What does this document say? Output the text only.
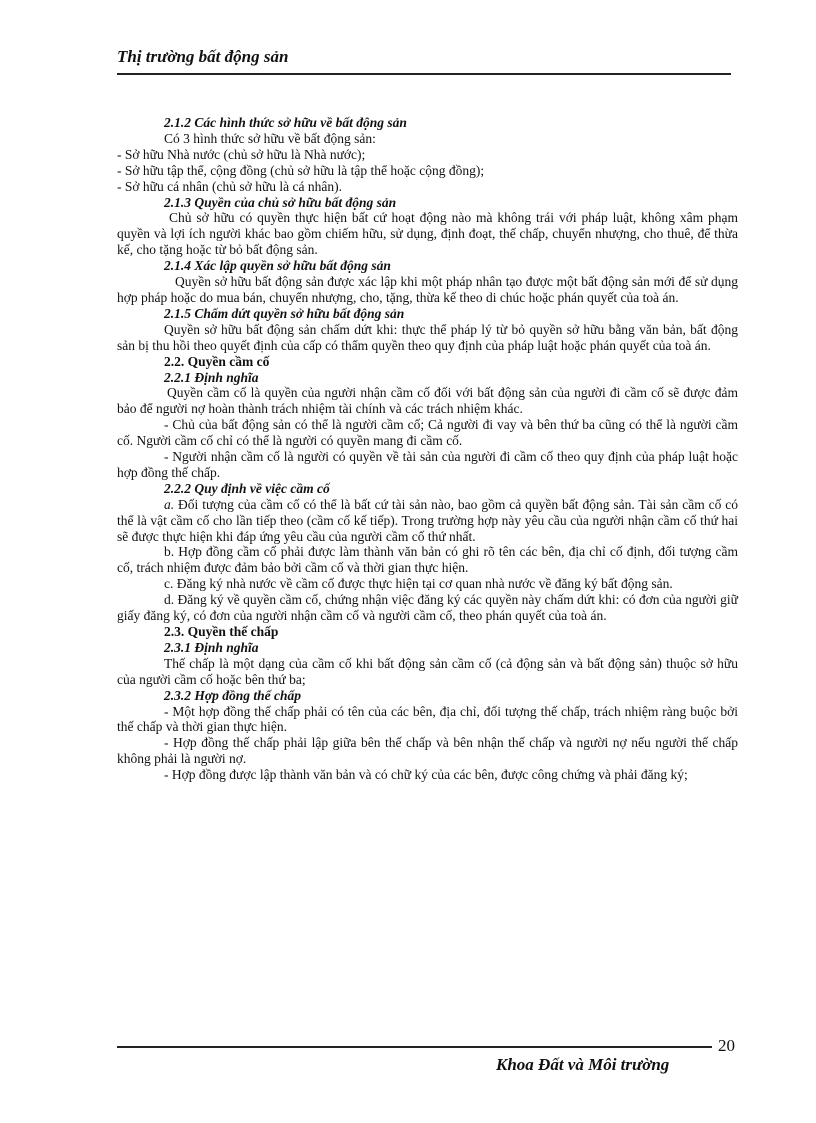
Thị trường bất động sản

2.1.2 Các hình thức sở hữu về bất động sản

Có 3 hình thức sở hữu về bất động sản:

- Sở hữu Nhà nước (chủ sở hữu là Nhà nước);

- Sở hữu tập thể, cộng đồng (chủ sở hữu là tập thể hoặc cộng đồng);

- Sở hữu cá nhân (chủ sở hữu là cá nhân).

2.1.3 Quyền của chủ sở hữu bất động sản

Chủ sở hữu có quyền thực hiện bất cứ hoạt động nào mà không trái với pháp luật, không xâm phạm quyền và lợi ích người khác bao gồm chiếm hữu, sử dụng, định đoạt, thế chấp, chuyển nhượng, cho thuê, để thừa kế, cho tặng hoặc từ bỏ bất động sản.

2.1.4 Xác lập quyền sở hữu bất động sản

Quyền sở hữu bất động sản được xác lập khi một pháp nhân tạo được một bất động sản mới để sử dụng hợp pháp hoặc do mua bán, chuyển nhượng, cho, tặng, thừa kế theo di chúc hoặc phán quyết của toà án.

2.1.5 Chấm dứt quyền sở hữu bất động sản

Quyền sở hữu bất động sản chấm dứt khi: thực thể pháp lý từ bỏ quyền sở hữu bằng văn bản, bất động sản bị thu hồi theo quyết định của cấp có thẩm quyền theo quy định của pháp luật hoặc phán quyết của toà án.

2.2. Quyền cầm cố

2.2.1 Định nghĩa

Quyền cầm cố là quyền của người nhận cầm cố đối với bất động sản của người đi cầm cố sẽ được đảm bảo để người nợ hoàn thành trách nhiệm tài chính và các trách nhiệm khác.

- Chủ của bất động sản có thể là người cầm cố; Cả người đi vay và bên thứ ba cũng có thể là người cầm cố. Người cầm cố chỉ có thể là người có quyền mang đi cầm cố.

- Người nhận cầm cố là người có quyền về tài sản của người đi cầm cố theo quy định của pháp luật hoặc hợp đồng thế chấp.

2.2.2 Quy định về việc cầm cố

a. Đối tượng của cầm cố có thể là bất cứ tài sản nào, bao gồm cả quyền bất động sản. Tài sản cầm cố có thể là vật cầm cố cho lần tiếp theo (cầm cố kế tiếp). Trong trường hợp này yêu cầu của người nhận cầm cố thứ hai sẽ được thực hiện khi đáp ứng yêu cầu của người cầm cố thứ nhất.

b. Hợp đồng cầm cố phải được làm thành văn bản có ghi rõ tên các bên, địa chỉ cố định, đối tượng cầm cố, trách nhiệm được đảm bảo bởi cầm cố và thời gian thực hiện.

c. Đăng ký nhà nước về cầm cố được thực hiện tại cơ quan nhà nước về đăng ký bất động sản.

d. Đăng ký về quyền cầm cố, chứng nhận việc đăng ký các quyền này chấm dứt khi: có đơn của người giữ giấy đăng ký, có đơn của người nhận cầm cố và người cầm cố, theo phán quyết của toà án.

2.3. Quyền thế chấp

2.3.1 Định nghĩa

Thế chấp là một dạng của cầm cố khi bất động sản cầm cố (cả động sản và bất động sản) thuộc sở hữu của người cầm cố hoặc bên thứ ba;

2.3.2 Hợp đồng thế chấp

- Một hợp đồng thế chấp phải có tên của các bên, địa chỉ, đối tượng thế chấp, trách nhiệm ràng buộc bởi thế chấp và thời gian thực hiện.

- Hợp đồng thế chấp phải lập giữa bên thế chấp và bên nhận thế chấp và người nợ nếu người thế chấp không phải là người nợ.

- Hợp đồng được lập thành văn bản và có chữ ký của các bên, được công chứng và phải đăng ký;

20
Khoa Đất và Môi trường
